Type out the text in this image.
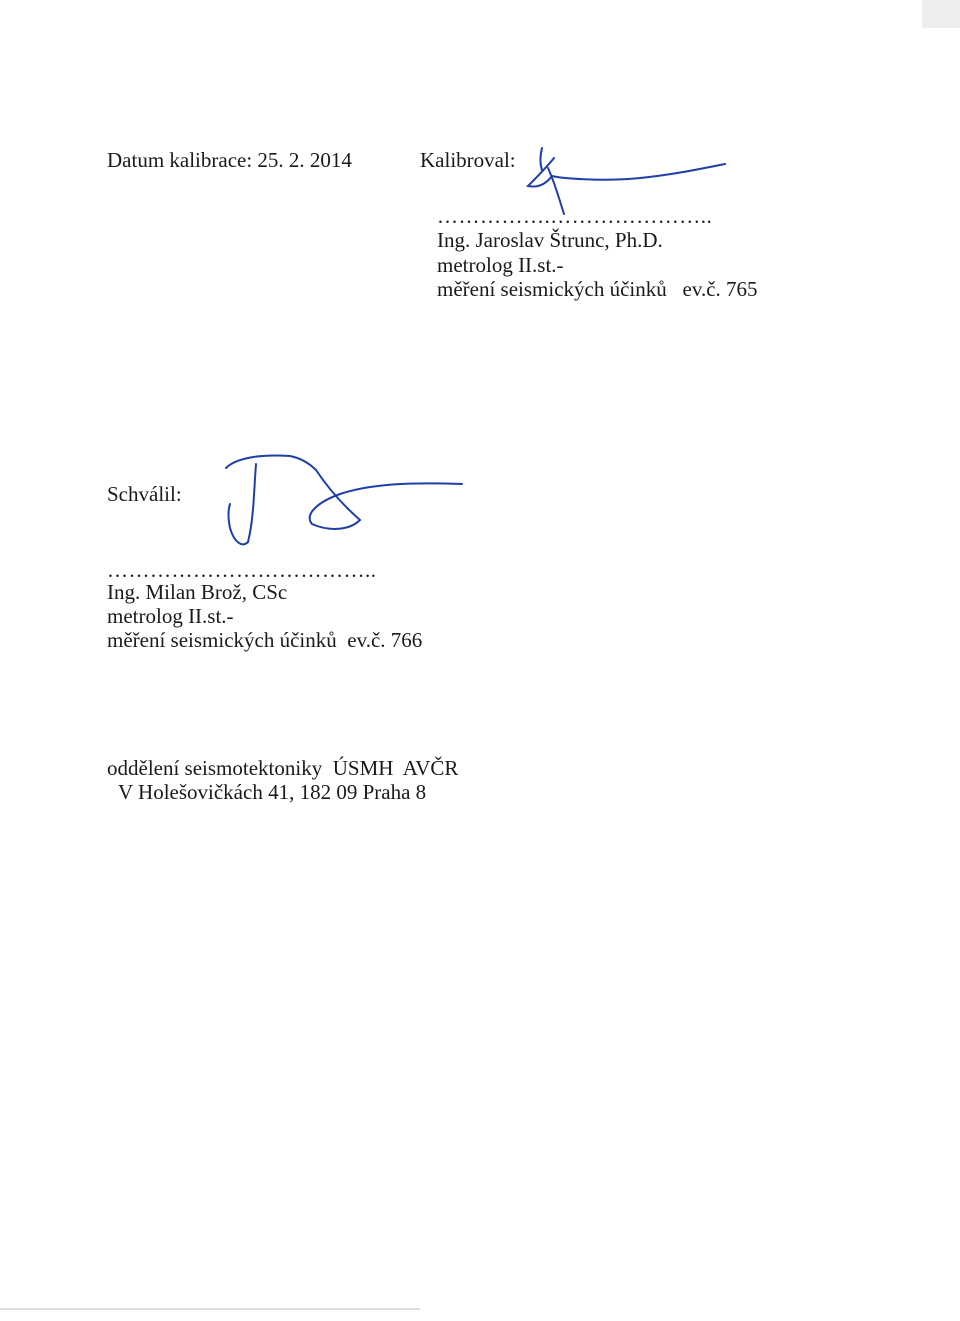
Datum kalibrace: 25. 2. 2014	Kalibroval:

…………….…………………..

Ing. Jaroslav Štrunc, Ph.D.

metrolog II.st.-

měření seismických účinků   ev.č. 765

Schválil:

………………………………..

Ing. Milan Brož, CSc

metrolog II.st.-

měření seismických účinků  ev.č. 766

oddělení seismotektoniky  ÚSMH  AVČR

V Holešovičkách 41, 182 09 Praha 8
